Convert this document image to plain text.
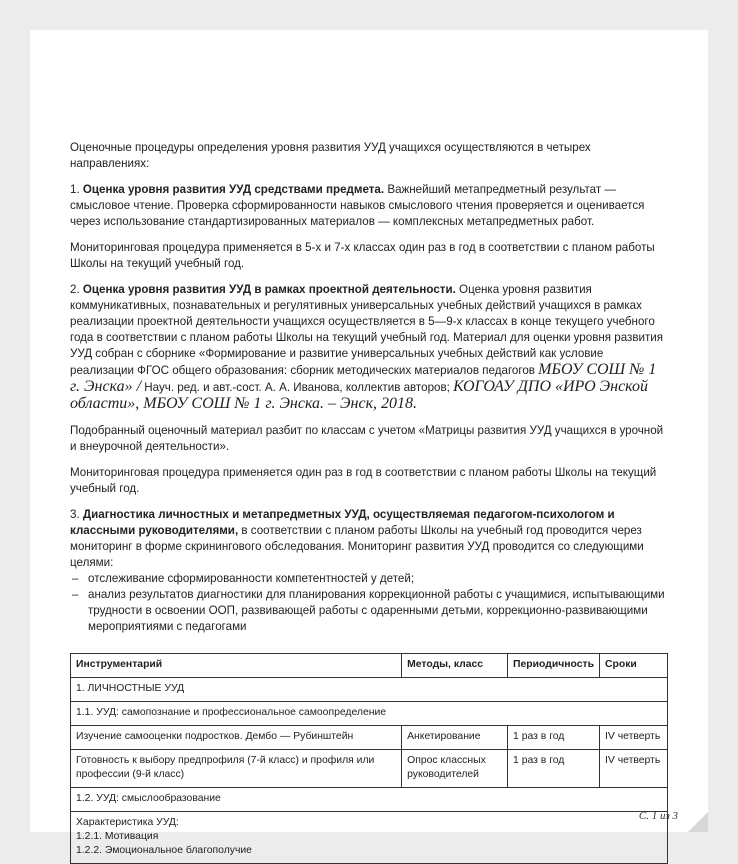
Оценочные процедуры определения уровня развития УУД учащихся осуществляются в четырех направлениях:

1. Оценка уровня развития УУД средствами предмета. Важнейший метапредметный результат — смысловое чтение. Проверка сформированности навыков смыслового чтения проверяется и оценивается через использование стандартизированных материалов — комплексных метапредметных работ.

Мониторинговая процедура применяется в 5-х и 7-х классах один раз в год в соответствии с планом работы Школы на текущий учебный год.

2. Оценка уровня развития УУД в рамках проектной деятельности. Оценка уровня развития коммуникативных, познавательных и регулятивных универсальных учебных действий учащихся в рамках реализации проектной деятельности учащихся осуществляется в 5—9-х классах в конце текущего учебного года в соответствии с планом работы Школы на текущий учебный год. Материал для оценки уровня развития УУД собран с сборнике «Формирование и развитие универсальных учебных действий как условие реализации ФГОС общего образования: сборник методических материалов педагогов МБОУ СОШ № 1 г. Энска» / Науч. ред. и авт.-сост. А. А. Иванова, коллектив авторов; КОГОАУ ДПО «ИРО Энской области», МБОУ СОШ № 1 г. Энска. – Энск, 2018.

Подобранный оценочный материал разбит по классам с учетом «Матрицы развития УУД учащихся в урочной и внеурочной деятельности».

Мониторинговая процедура применяется один раз в год в соответствии с планом работы Школы на текущий учебный год.

3. Диагностика личностных и метапредметных УУД, осуществляемая педагогом-психологом и классными руководителями, в соответствии с планом работы Школы на учебный год проводится через мониторинг в форме скринингового обследования. Мониторинг развития УУД проводится со следующими целями:

– отслеживание сформированности компетентностей у детей;
– анализ результатов диагностики для планирования коррекционной работы с учащимися, испытывающими трудности в освоении ООП, развивающей работы с одаренными детьми, коррекционно-развивающими мероприятиями с педагогами
Инструментарий	Методы, класс	Периодичность	Сроки
1. ЛИЧНОСТНЫЕ УУД			
1.1. УУД: самопознание и профессиональное самоопределение			
Изучение самооценки подростков. Дембо — Рубинштейн	Анкетирование	1 раз в год	IV четверть
Готовность к выбору предпрофиля (7-й класс) и профиля или профессии (9-й класс)	Опрос классных руководителей	1 раз в год	IV четверть
1.2. УУД: смыслообразование			

Характеристика УУД:
1.2.1. Мотивация
1.2.2. Эмоциональное благополучие			
С. 1 из 3
